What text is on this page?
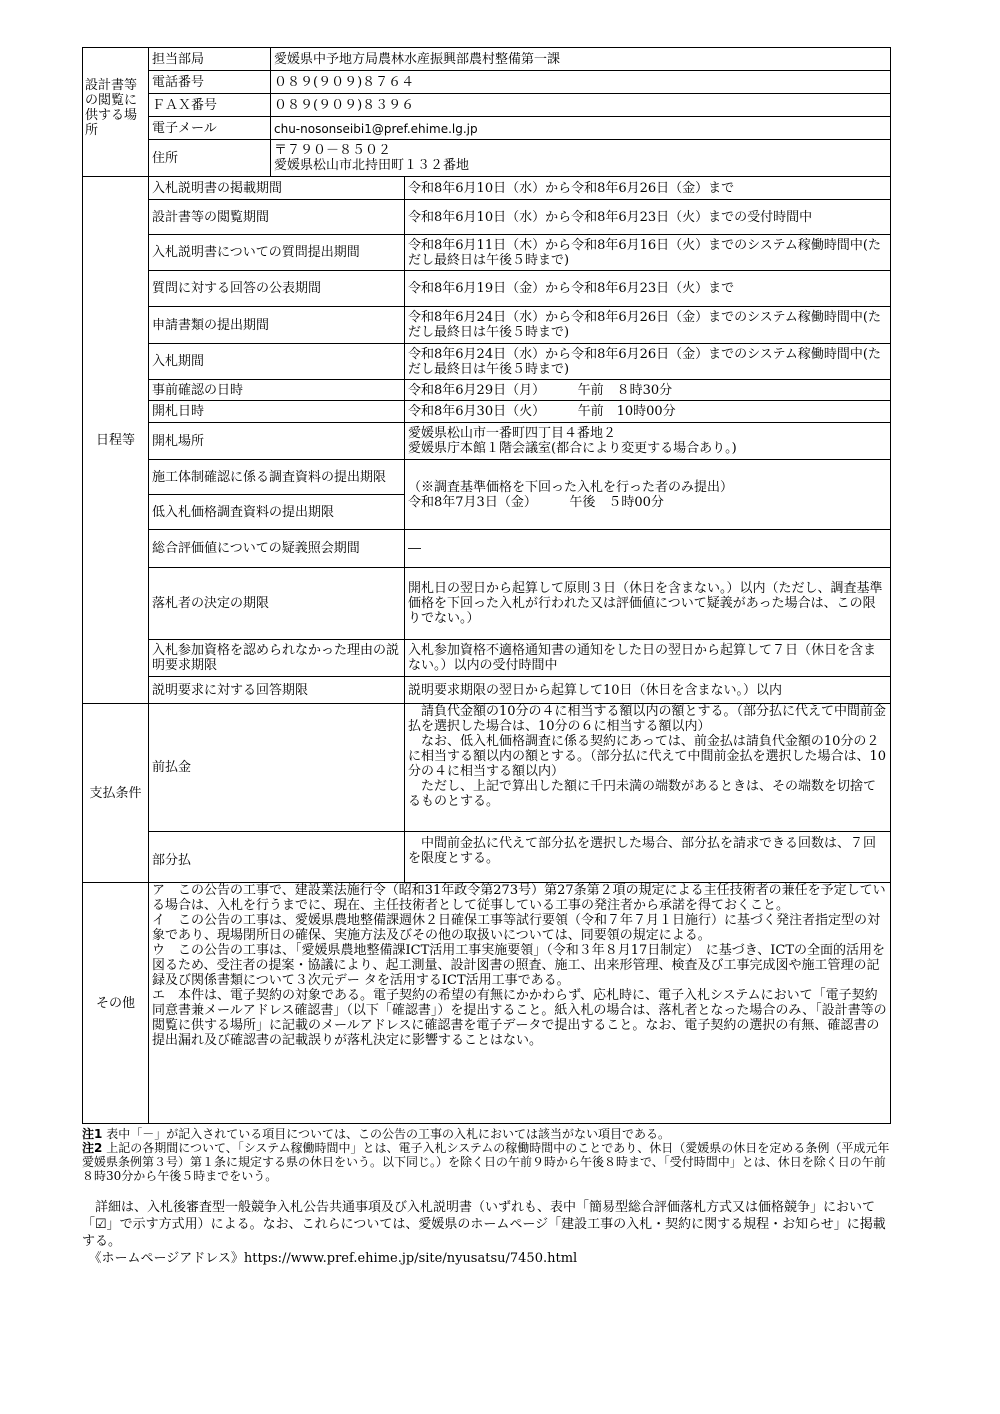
設計書等の閲覧に供する場所	担当部局	愛媛県中予地方局農林水産振興部農村整備第一課	
	電話番号	０８９(９０９)８７６４	
	ＦＡＸ番号	０８９(９０９)８３９６	
	電子メール	chu-nosonseibi1@pref.ehime.lg.jp	
	住所	〒７９０－８５０２
愛媛県松山市北持田町１３２番地	
日程等	入札説明書の掲載期間		令和8年6月10日（水）から令和8年6月26日（金）まで
	設計書等の閲覧期間		令和8年6月10日（水）から令和8年6月23日（火）までの受付時間中
	入札説明書についての質問提出期間		令和8年6月11日（木）から令和8年6月16日（火）までのシステム稼働時間中(ただし最終日は午後５時まで)
	質問に対する回答の公表期間		令和8年6月19日（金）から令和8年6月23日（火）まで
	申請書類の提出期間		令和8年6月24日（水）から令和8年6月26日（金）までのシステム稼働時間中(ただし最終日は午後５時まで)
	入札期間		令和8年6月24日（水）から令和8年6月26日（金）までのシステム稼働時間中(ただし最終日は午後５時まで)
	事前確認の日時		令和8年6月29日（月）　　　午前　８時30分
	開札日時		令和8年6月30日（火）　　　午前　10時00分
	開札場所		愛媛県松山市一番町四丁目４番地２
愛媛県庁本館１階会議室(都合により変更する場合あり。)
	施工体制確認に係る調査資料の提出期限		（※調査基準価格を下回った入札を行った者のみ提出）
令和8年7月3日（金）　　　午後　５時00分
	低入札価格調査資料の提出期限		
	総合評価値についての疑義照会期間		―
	落札者の決定の期限		開札日の翌日から起算して原則３日（休日を含まない。）以内（ただし、調査基準価格を下回った入札が行われた又は評価値について疑義があった場合は、この限りでない。）
	入札参加資格を認められなかった理由の説明要求期限		入札参加資格不適格通知書の通知をした日の翌日から起算して７日（休日を含まない。）以内の受付時間中
	説明要求に対する回答期限		説明要求期限の翌日から起算して10日（休日を含まない。）以内
支払条件	前払金		　請負代金額の10分の４に相当する額以内の額とする。（部分払に代えて中間前金払を選択した場合は、10分の６に相当する額以内）
　なお、低入札価格調査に係る契約にあっては、前金払は請負代金額の10分の２に相当する額以内の額とする。（部分払に代えて中間前金払を選択した場合は、10分の４に相当する額以内）
　ただし、上記で算出した額に千円未満の端数があるときは、その端数を切捨てるものとする。
	部分払		　中間前金払に代えて部分払を選択した場合、部分払を請求できる回数は、７回を限度とする。
その他	ア　この公告の工事で、建設業法施行令（昭和31年政令第273号）第27条第２項の規定による主任技術者の兼任を予定している場合は、入札を行うまでに、現在、主任技術者として従事している工事の発注者から承諾を得ておくこと。
イ　この公告の工事は、愛媛県農地整備課週休２日確保工事等試行要領（令和７年７月１日施行）に基づく発注者指定型の対象であり、現場閉所日の確保、実施方法及びその他の取扱いについては、同要領の規定による。
ウ　この公告の工事は、「愛媛県農地整備課ICT活用工事実施要領」（令和３年８月17日制定）　に基づき、ICTの全面的活用を図るため、受注者の提案・協議により、起工測量、設計図書の照査、施工、出来形管理、検査及び工事完成図や施工管理の記録及び関係書類について３次元デー タを活用するICT活用工事である。
エ　本件は、電子契約の対象である。電子契約の希望の有無にかかわらず、応札時に、電子入札システムにおいて「電子契約同意書兼メールアドレス確認書」（以下「確認書」）を提出すること。紙入札の場合は、落札者となった場合のみ、「設計書等の閲覧に供する場所」に記載のメールアドレスに確認書を電子データで提出すること。なお、電子契約の選択の有無、確認書の提出漏れ及び確認書の記載誤りが落札決定に影響することはない。		

注1 表中「－」が記入されている項目については、この公告の工事の入札においては該当がない項目である。

注2 上記の各期間について、「システム稼働時間中」とは、電子入札システムの稼働時間中のことであり、休日（愛媛県の休日を定める条例（平成元年愛媛県条例第３号）第１条に規定する県の休日をいう。以下同じ。）を除く日の午前９時から午後８時まで、「受付時間中」とは、休日を除く日の午前８時30分から午後５時までをいう。

　詳細は、入札後審査型一般競争入札公告共通事項及び入札説明書（いずれも、表中「簡易型総合評価落札方式又は価格競争」において「☑」で示す方式用）による。なお、これらについては、愛媛県のホームページ「建設工事の入札・契約に関する規程・お知らせ」に掲載する。

　《ホームページアドレス》https://www.pref.ehime.jp/site/nyusatsu/7450.html
